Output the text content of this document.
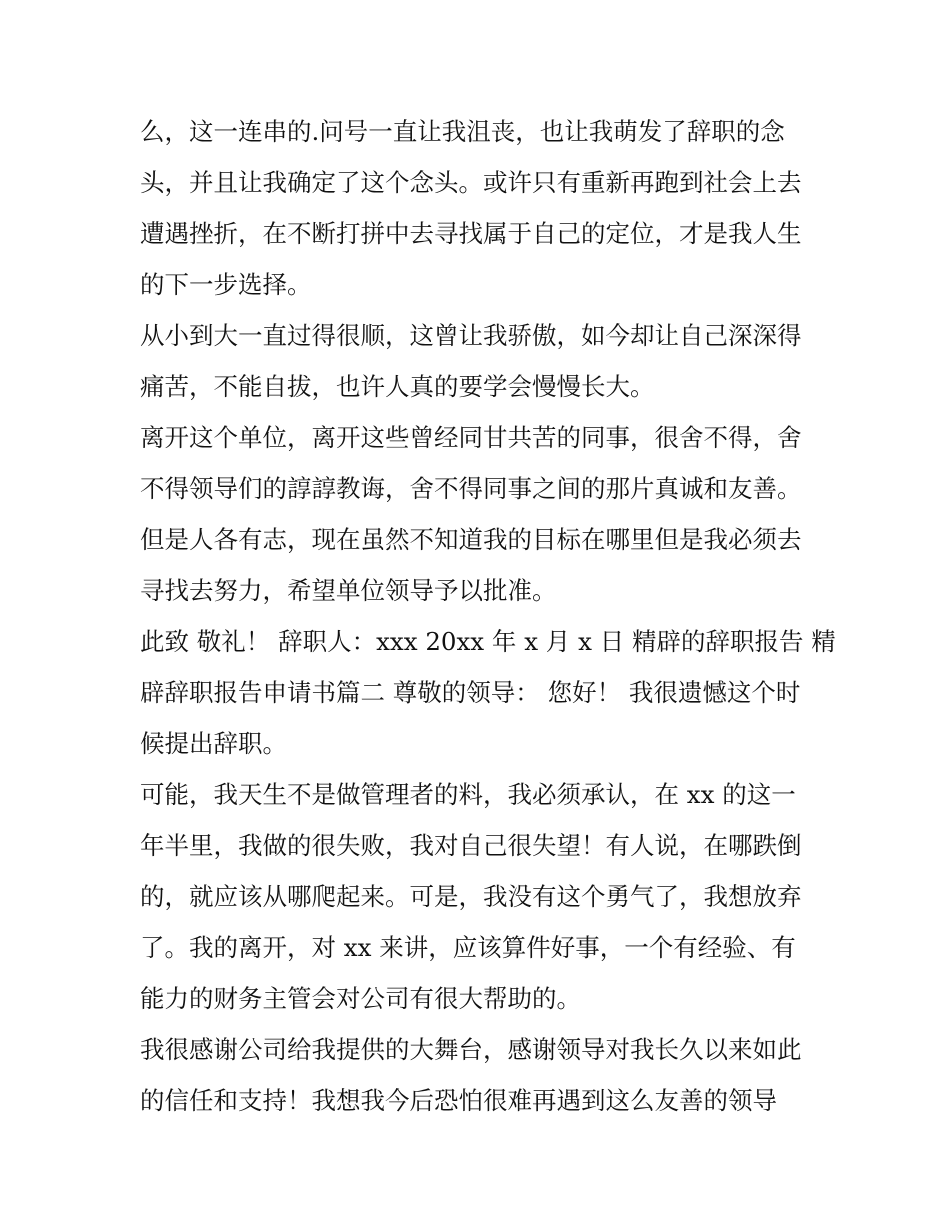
么，这一连串的.问号一直让我沮丧，也让我萌发了辞职的念
头，并且让我确定了这个念头。或许只有重新再跑到社会上去
遭遇挫折，在不断打拼中去寻找属于自己的定位，才是我人生
的下一步选择。
从小到大一直过得很顺，这曾让我骄傲，如今却让自己深深得
痛苦，不能自拔，也许人真的要学会慢慢长大。
离开这个单位，离开这些曾经同甘共苦的同事，很舍不得，舍
不得领导们的諄諄教诲，舍不得同事之间的那片真诚和友善。
但是人各有志，现在虽然不知道我的目标在哪里但是我必须去
寻找去努力，希望单位领导予以批准。
此致 敬礼！ 辞职人：xxx 20xx 年 x 月 x 日 精辟的辞职报告 精
辟辞职报告申请书篇二 尊敬的领导： 您好！ 我很遗憾这个时
候提出辞职。
可能，我天生不是做管理者的料，我必须承认，在 xx 的这一
年半里，我做的很失败，我对自己很失望！有人说，在哪跌倒
的，就应该从哪爬起来。可是，我没有这个勇气了，我想放弃
了。我的离开，对 xx 来讲，应该算件好事，一个有经验、有
能力的财务主管会对公司有很大帮助的。
我很感谢公司给我提供的大舞台，感谢领导对我长久以来如此
的信任和支持！我想我今后恐怕很难再遇到这么友善的领导
